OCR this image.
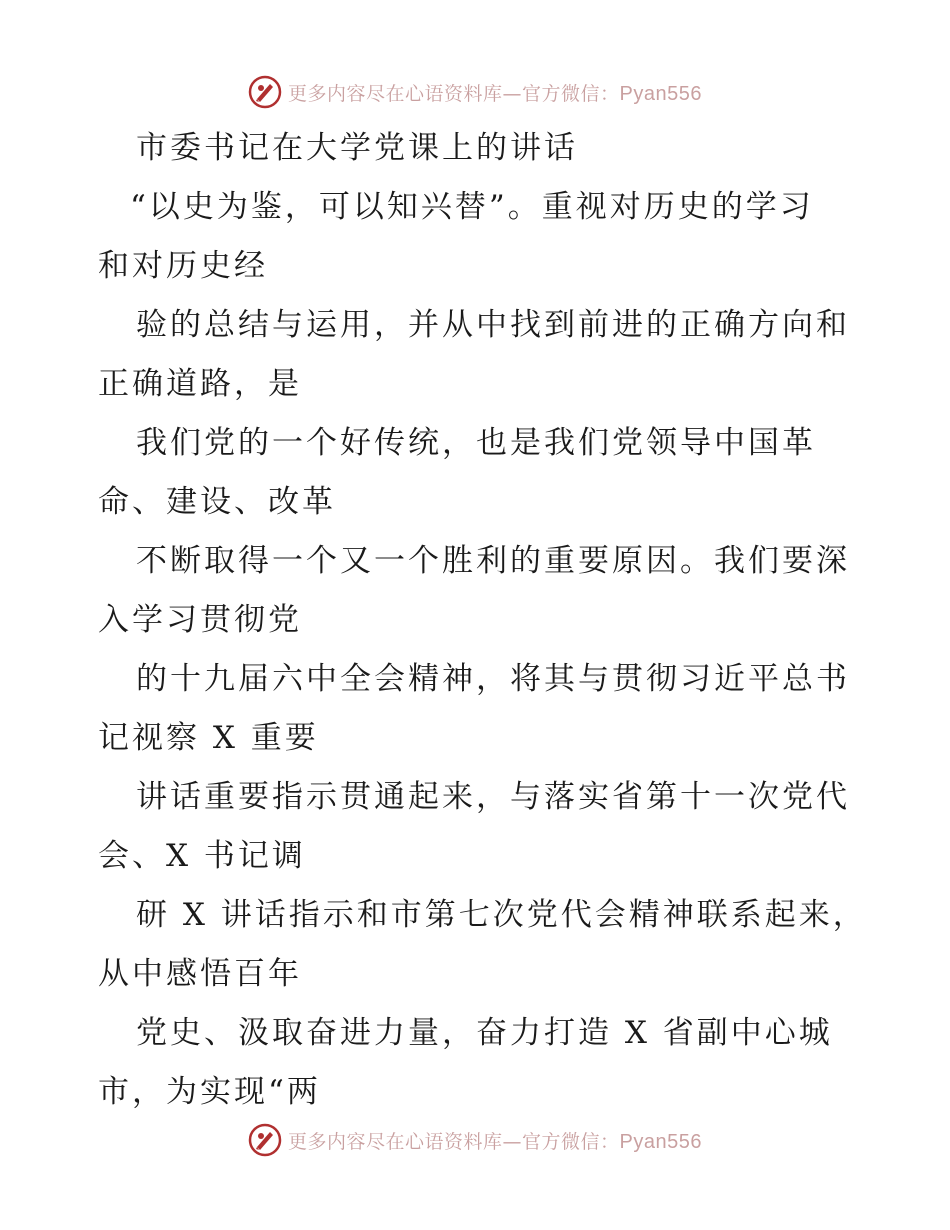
更多内容尽在心语资料库—官方微信：Pyan556
市委书记在大学党课上的讲话
“以史为鉴，可以知兴替”。重视对历史的学习
和对历史经
验的总结与运用，并从中找到前进的正确方向和
正确道路，是
我们党的一个好传统，也是我们党领导中国革
命、建设、改革
不断取得一个又一个胜利的重要原因。我们要深
入学习贯彻党
的十九届六中全会精神，将其与贯彻习近平总书
记视察 X 重要
讲话重要指示贯通起来，与落实省第十一次党代
会、X 书记调
研 X 讲话指示和市第七次党代会精神联系起来，
从中感悟百年
党史、汲取奋进力量，奋力打造 X 省副中心城
市，为实现“两
更多内容尽在心语资料库—官方微信：Pyan556
